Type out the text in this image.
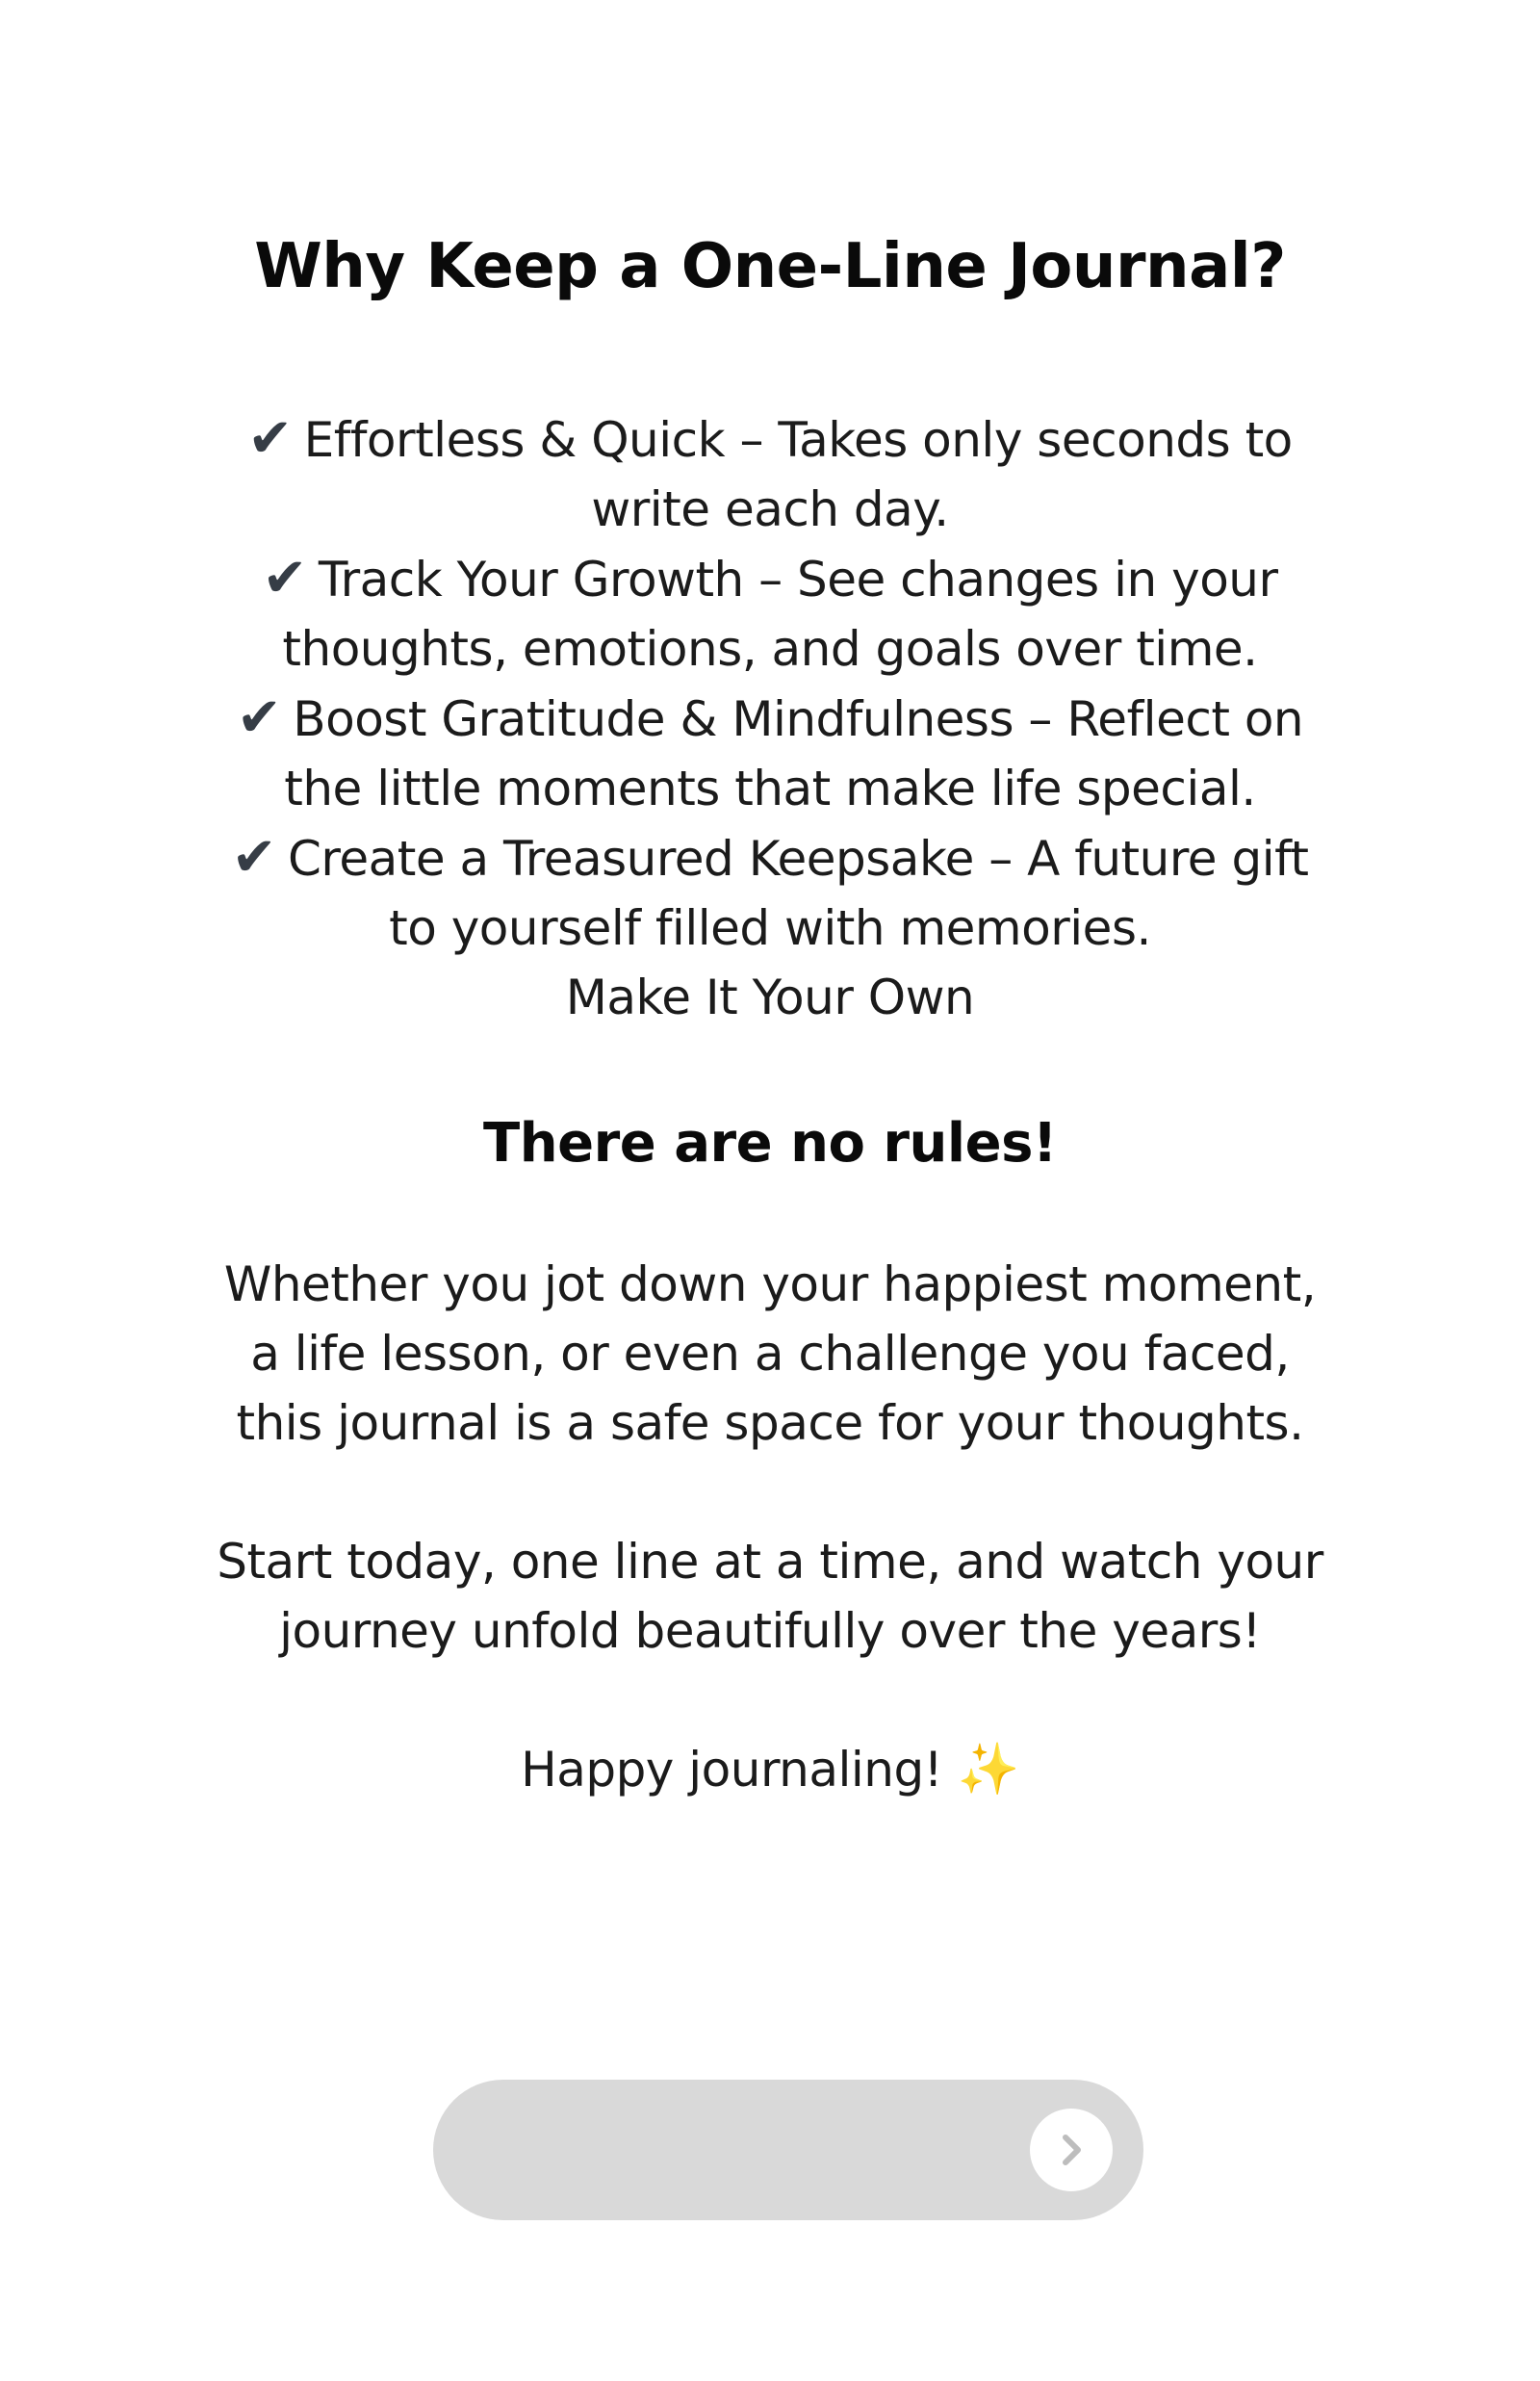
Why Keep a One-Line Journal?
✔ Effortless & Quick – Takes only seconds to
write each day.
✔ Track Your Growth – See changes in your
thoughts, emotions, and goals over time.
✔ Boost Gratitude & Mindfulness – Reflect on
the little moments that make life special.
✔ Create a Treasured Keepsake – A future gift
to yourself filled with memories.
Make It Your Own
There are no rules!

Whether you jot down your happiest moment,
a life lesson, or even a challenge you faced,
this journal is a safe space for your thoughts.

Start today, one line at a time, and watch your
journey unfold beautifully over the years!

Happy journaling! ✨
